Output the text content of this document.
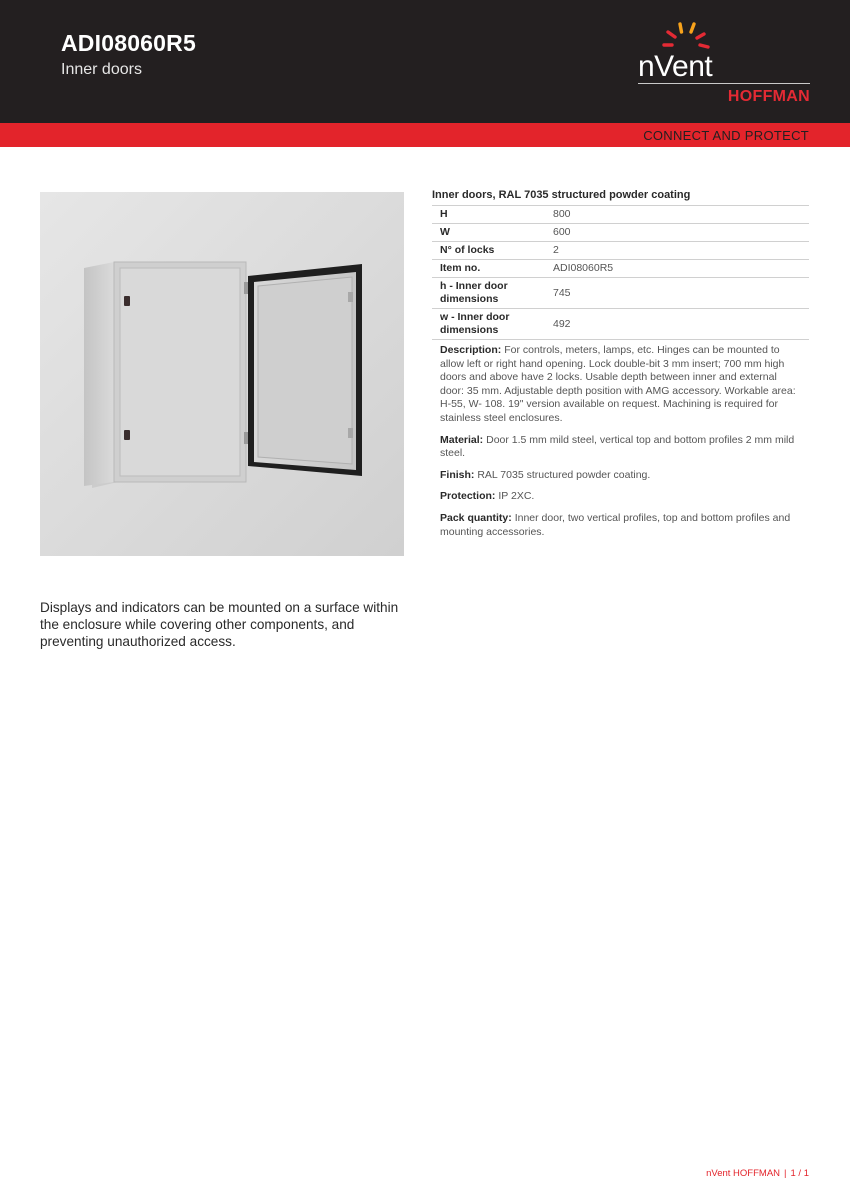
ADI08060R5
Inner doors	nVent
HOFFMAN
CONNECT AND PROTECT
Inner doors, RAL 7035 structured powder coating
H	800
W	600
N° of locks	2
Item no.	ADI08060R5
h - Inner door dimensions	745
w - Inner door dimensions	492

Description: For controls, meters, lamps, etc. Hinges can be mounted to allow left or right hand opening. Lock double-bit 3 mm insert; 700 mm high doors and above have 2 locks. Usable depth between inner and external door: 35 mm. Adjustable depth position with AMG accessory. Workable area: H-55, W- 108. 19" version available on request. Machining is required for stainless steel enclosures.

Material: Door 1.5 mm mild steel, vertical top and bottom profiles 2 mm mild steel.

Finish: RAL 7035 structured powder coating.

Protection: IP 2XC.

Pack quantity: Inner door, two vertical profiles, top and bottom profiles and mounting accessories.

Displays and indicators can be mounted on a surface within the enclosure while covering other components, and preventing unauthorized access.
nVent HOFFMAN | 1 / 1
